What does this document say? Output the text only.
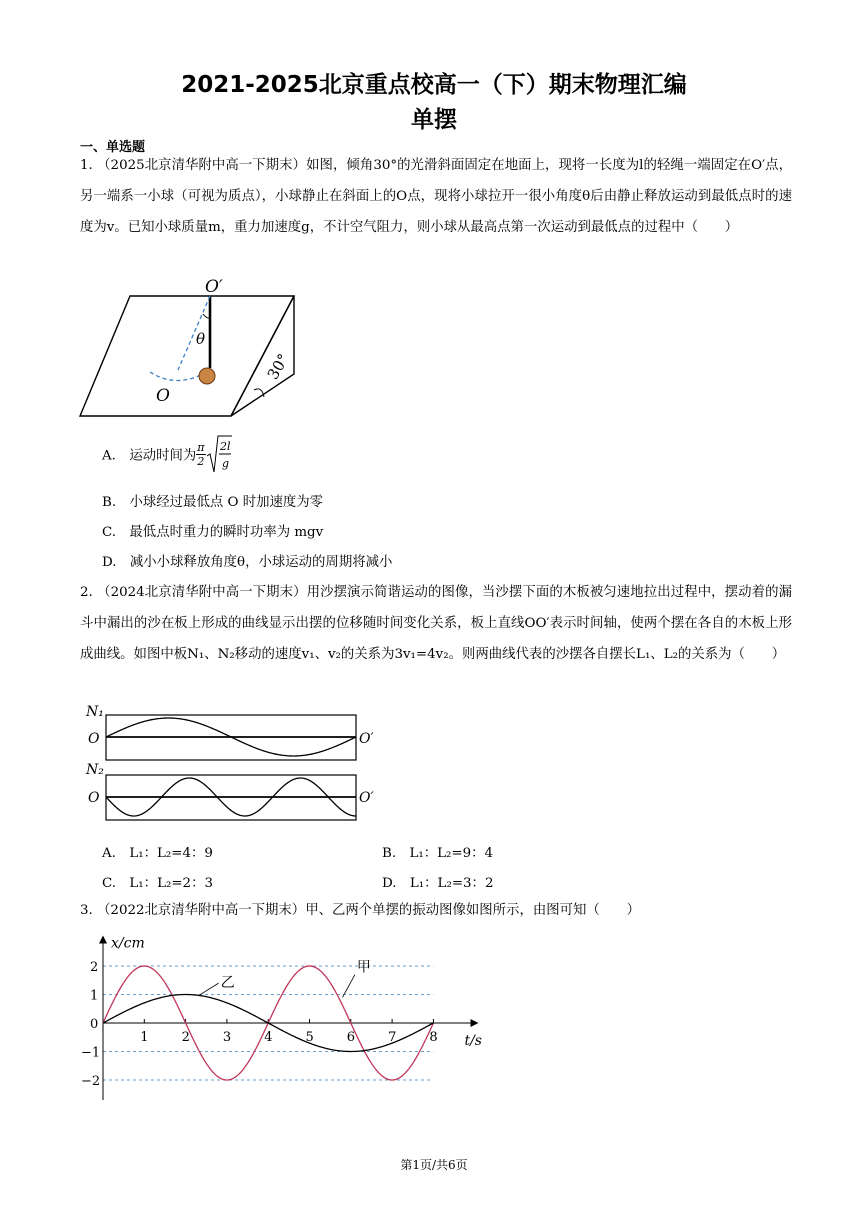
2021-2025北京重点校高一（下）期末物理汇编
单摆
一、单选题
1. （2025北京清华附中高一下期末）如图，倾角30°的光滑斜面固定在地面上，现将一长度为l的轻绳一端固定在O′点，另一端系一小球（可视为质点），小球静止在斜面上的O点，现将小球拉开一很小角度θ后由静止释放运动到最低点时的速度为v。已知小球质量m，重力加速度g，不计空气阻力，则小球从最高点第一次运动到最低点的过程中（　　）
O′
O
θ
30°
A.　运动时间为 $\frac{\pi}{2} 2l$
g
B.　小球经过最低点 O 时加速度为零
C.　最低点时重力的瞬时功率为 mgv
D.　减小小球释放角度θ，小球运动的周期将减小
2. （2024北京清华附中高一下期末）用沙摆演示简谐运动的图像，当沙摆下面的木板被匀速地拉出过程中，摆动着的漏斗中漏出的沙在板上形成的曲线显示出摆的位移随时间变化关系，板上直线OO′表示时间轴，使两个摆在各自的木板上形成曲线。如图中板N₁、N₂移动的速度v₁、v₂的关系为3v₁=4v₂。则两曲线代表的沙摆各自摆长L₁、L₂的关系为（　　）
N₁
O	O′
N₂
O	O′
A.　L₁：L₂=4：9	B.　L₁：L₂=9：4
C.　L₁：L₂=2：3	D.　L₁：L₂=3：2
3. （2022北京清华附中高一下期末）甲、乙两个单摆的振动图像如图所示，由图可知（　　）
1	2	3	4	5	6	7	8
2
1
0
−1
−2
甲
乙
x/cm
t/s
第1页/共6页
